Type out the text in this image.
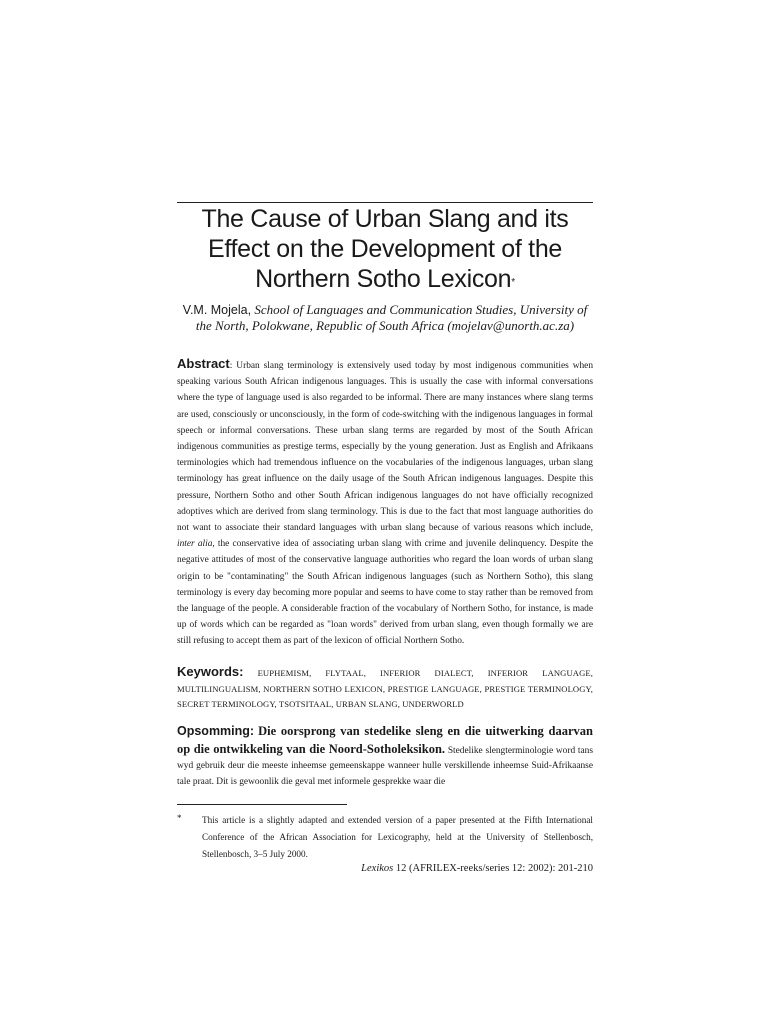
The Cause of Urban Slang and its
Effect on the Development of the
Northern Sotho Lexicon*

V.M. Mojela, School of Languages and Communication Studies, University of the North, Polokwane, Republic of South Africa (mojelav@unorth.ac.za)

Abstract: Urban slang terminology is extensively used today by most indigenous communities when speaking various South African indigenous languages. This is usually the case with informal conversations where the type of language used is also regarded to be informal. There are many instances where slang terms are used, consciously or unconsciously, in the form of code-switching with the indigenous languages in formal speech or informal conversations. These urban slang terms are regarded by most of the South African indigenous communities as prestige terms, especially by the young generation. Just as English and Afrikaans terminologies which had tremendous influence on the vocabularies of the indigenous languages, urban slang terminology has great influence on the daily usage of the South African indigenous languages. Despite this pressure, Northern Sotho and other South African indigenous languages do not have officially recognized adoptives which are derived from slang terminology. This is due to the fact that most language authorities do not want to associate their standard languages with urban slang because of various reasons which include, inter alia, the conservative idea of associating urban slang with crime and juvenile delinquency. Despite the negative attitudes of most of the conservative language authorities who regard the loan words of urban slang origin to be "contaminating" the South African indigenous languages (such as Northern Sotho), this slang terminology is every day becoming more popular and seems to have come to stay rather than be removed from the language of the people. A considerable fraction of the vocabulary of Northern Sotho, for instance, is made up of words which can be regarded as "loan words" derived from urban slang, even though formally we are still refusing to accept them as part of the lexicon of official Northern Sotho.

Keywords: EUPHEMISM, FLYTAAL, INFERIOR DIALECT, INFERIOR LANGUAGE, MULTILINGUALISM, NORTHERN SOTHO LEXICON, PRESTIGE LANGUAGE, PRESTIGE TERMINOLOGY, SECRET TERMINOLOGY, TSOTSITAAL, URBAN SLANG, UNDERWORLD

Opsomming: Die oorsprong van stedelike sleng en die uitwerking daarvan op die ontwikkeling van die Noord-Sotholeksikon. Stedelike slengterminologie word tans wyd gebruik deur die meeste inheemse gemeenskappe wanneer hulle verskillende inheemse Suid-Afrikaanse tale praat. Dit is gewoonlik die geval met informele gesprekke waar die

* This article is a slightly adapted and extended version of a paper presented at the Fifth International Conference of the African Association for Lexicography, held at the University of Stellenbosch, Stellenbosch, 3–5 July 2000.

Lexikos 12 (AFRILEX-reeks/series 12: 2002): 201-210
